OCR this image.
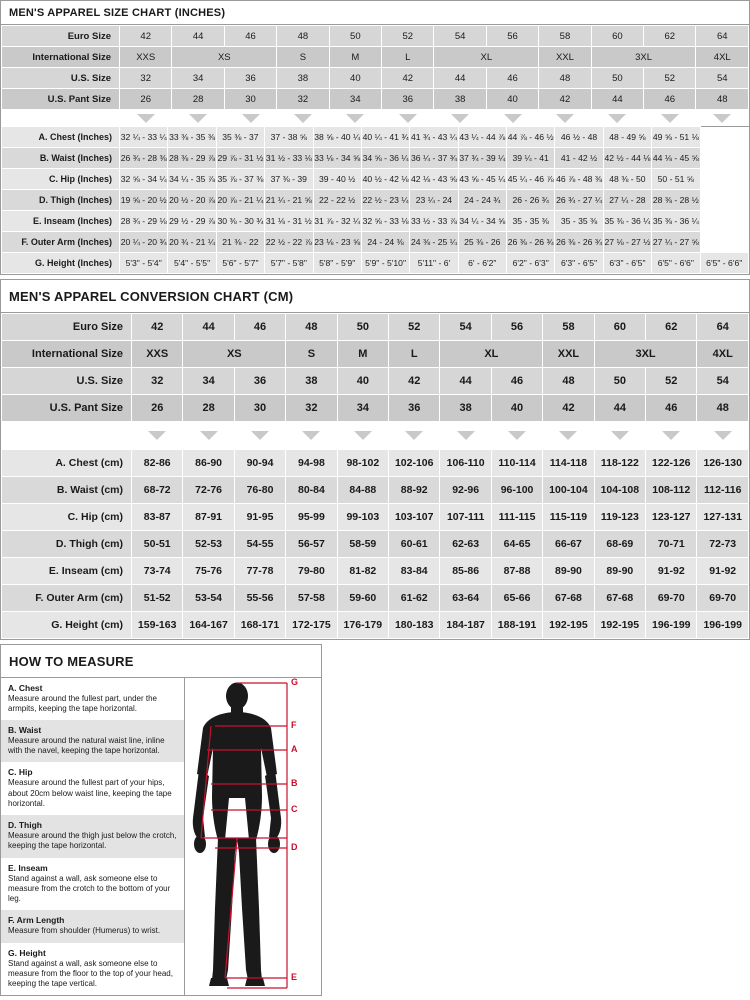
MEN'S APPAREL SIZE CHART (INCHES)
Euro Size	42	44	46	48	50	52	54	56	58	60	62	64
International Size	XXS	XS		S	M	L	XL		XXL	3XL		4XL
U.S. Size	32	34	36	38	40	42	44	46	48	50	52	54
U.S. Pant Size	26	28	30	32	34	36	38	40	42	44	46	48

A. Chest (Inches)	32 ¼ - 33 ¼	33 ⅜ - 35 ⅜	35 ⅜ - 37	37 - 38 ⅝	38 ⅝ - 40 ¼	40 ¼ - 41 ¾	41 ¾ - 43 ¼	43 ¼ - 44 ⅞	44 ⅞ - 46 ½	46 ½ - 48	48 - 49 ⅝	49 ⅝ - 51 ⅛	
B. Waist (Inches)	26 ¾ - 28 ⅜	28 ⅜ - 29 ⅞	29 ⅞ - 31 ½	31 ½ - 33 ⅛	33 ⅛ - 34 ⅝	34 ⅝ - 36 ¼	36 ¼ - 37 ¾	37 ¾ - 39 ¼	39 ¼ - 41	41 - 42 ½	42 ½ - 44 ⅛	44 ⅛ - 45 ⅝	
C. Hip (Inches)	32 ⅝ - 34 ¼	34 ¼ - 35 ⅞	35 ⅞ - 37 ⅜	37 ⅜ - 39	39 - 40 ½	40 ½ - 42 ⅛	42 ⅛ - 43 ⅝	43 ⅝ - 45 ¼	45 ¼ - 46 ⅞	46 ⅞ - 48 ⅜	48 ⅜ - 50	50 - 51 ⅝	
D. Thigh (Inches)	19 ⅝ - 20 ½	20 ½ - 20 ⅞	20 ⅞ - 21 ¼	21 ¼ - 21 ⅝	22 - 22 ½	22 ½ - 23 ¼	23 ¼ - 24	24 - 24 ¾	26 - 26 ¾	26 ¾ - 27 ¼	27 ¼ - 28	28 ⅜ - 28 ½	
E. Inseam (Inches)	28 ¾ - 29 ⅛	29 ½ - 29 ⅞	30 ⅜ - 30 ¾	31 ⅛ - 31 ½	31 ⅞ - 32 ¼	32 ⅝ - 33 ⅛	33 ½ - 33 ⅞	34 ¼ - 34 ⅝	35 - 35 ⅜	35 - 35 ⅜	35 ⅜ - 36 ¼	35 ⅜ - 36 ¼	
F. Outer Arm (Inches)	20 ¼ - 20 ¾	20 ¾ - 21 ¼	21 ⅜ - 22	22 ½ - 22 ⅞	23 ⅛ - 23 ⅝	24 - 24 ⅜	24 ⅜ - 25 ¼	25 ⅜ - 26	26 ⅜ - 26 ¾	26 ⅜ - 26 ¾	27 ⅛ - 27 ½	27 ¼ - 27 ⅝	
G. Height (Inches)	5'3" - 5'4"	5'4" - 5'5"	5'6" - 5'7"	5'7" - 5'8"	5'8" - 5'9"	5'9" - 5'10"	5'11" - 6'	6' - 6'2"	6'2" - 6'3"	6'3" - 6'5"	6'3" - 6'5"	6'5" - 6'6"	6'5" - 6'6"
MEN'S APPAREL CONVERSION CHART (CM)
Euro Size	42	44	46	48	50	52	54	56	58	60	62	64
International Size	XXS	XS		S	M	L	XL		XXL	3XL		4XL
U.S. Size	32	34	36	38	40	42	44	46	48	50	52	54
U.S. Pant Size	26	28	30	32	34	36	38	40	42	44	46	48

A. Chest (cm)	82-86	86-90	90-94	94-98	98-102	102-106	106-110	110-114	114-118	118-122	122-126	126-130
B. Waist (cm)	68-72	72-76	76-80	80-84	84-88	88-92	92-96	96-100	100-104	104-108	108-112	112-116
C. Hip (cm)	83-87	87-91	91-95	95-99	99-103	103-107	107-111	111-115	115-119	119-123	123-127	127-131
D. Thigh (cm)	50-51	52-53	54-55	56-57	58-59	60-61	62-63	64-65	66-67	68-69	70-71	72-73
E. Inseam (cm)	73-74	75-76	77-78	79-80	81-82	83-84	85-86	87-88	89-90	89-90	91-92	91-92
F. Outer Arm (cm)	51-52	53-54	55-56	57-58	59-60	61-62	63-64	65-66	67-68	67-68	69-70	69-70
G. Height (cm)	159-163	164-167	168-171	172-175	176-179	180-183	184-187	188-191	192-195	192-195	196-199	196-199
HOW TO MEASURE
A. Chest
Measure around the fullest part, under the armpits, keeping the tape horizontal.
B. Waist
Measure around the natural waist line, inline with the navel, keeping the tape horizontal.
C. Hip
Measure around the fullest part of your hips, about 20cm below waist line, keeping the tape horizontal.
D. Thigh
Measure around the thigh just below the crotch, keeping the tape horizontal.
E. Inseam
Stand against a wall, ask someone else to measure from the crotch to the bottom of your leg.
F. Arm Length
Measure from shoulder (Humerus) to wrist.
G. Height
Stand against a wall, ask someone else to measure from the floor to the top of your head, keeping the tape vertical.
G
F
A
B
C
D
E
